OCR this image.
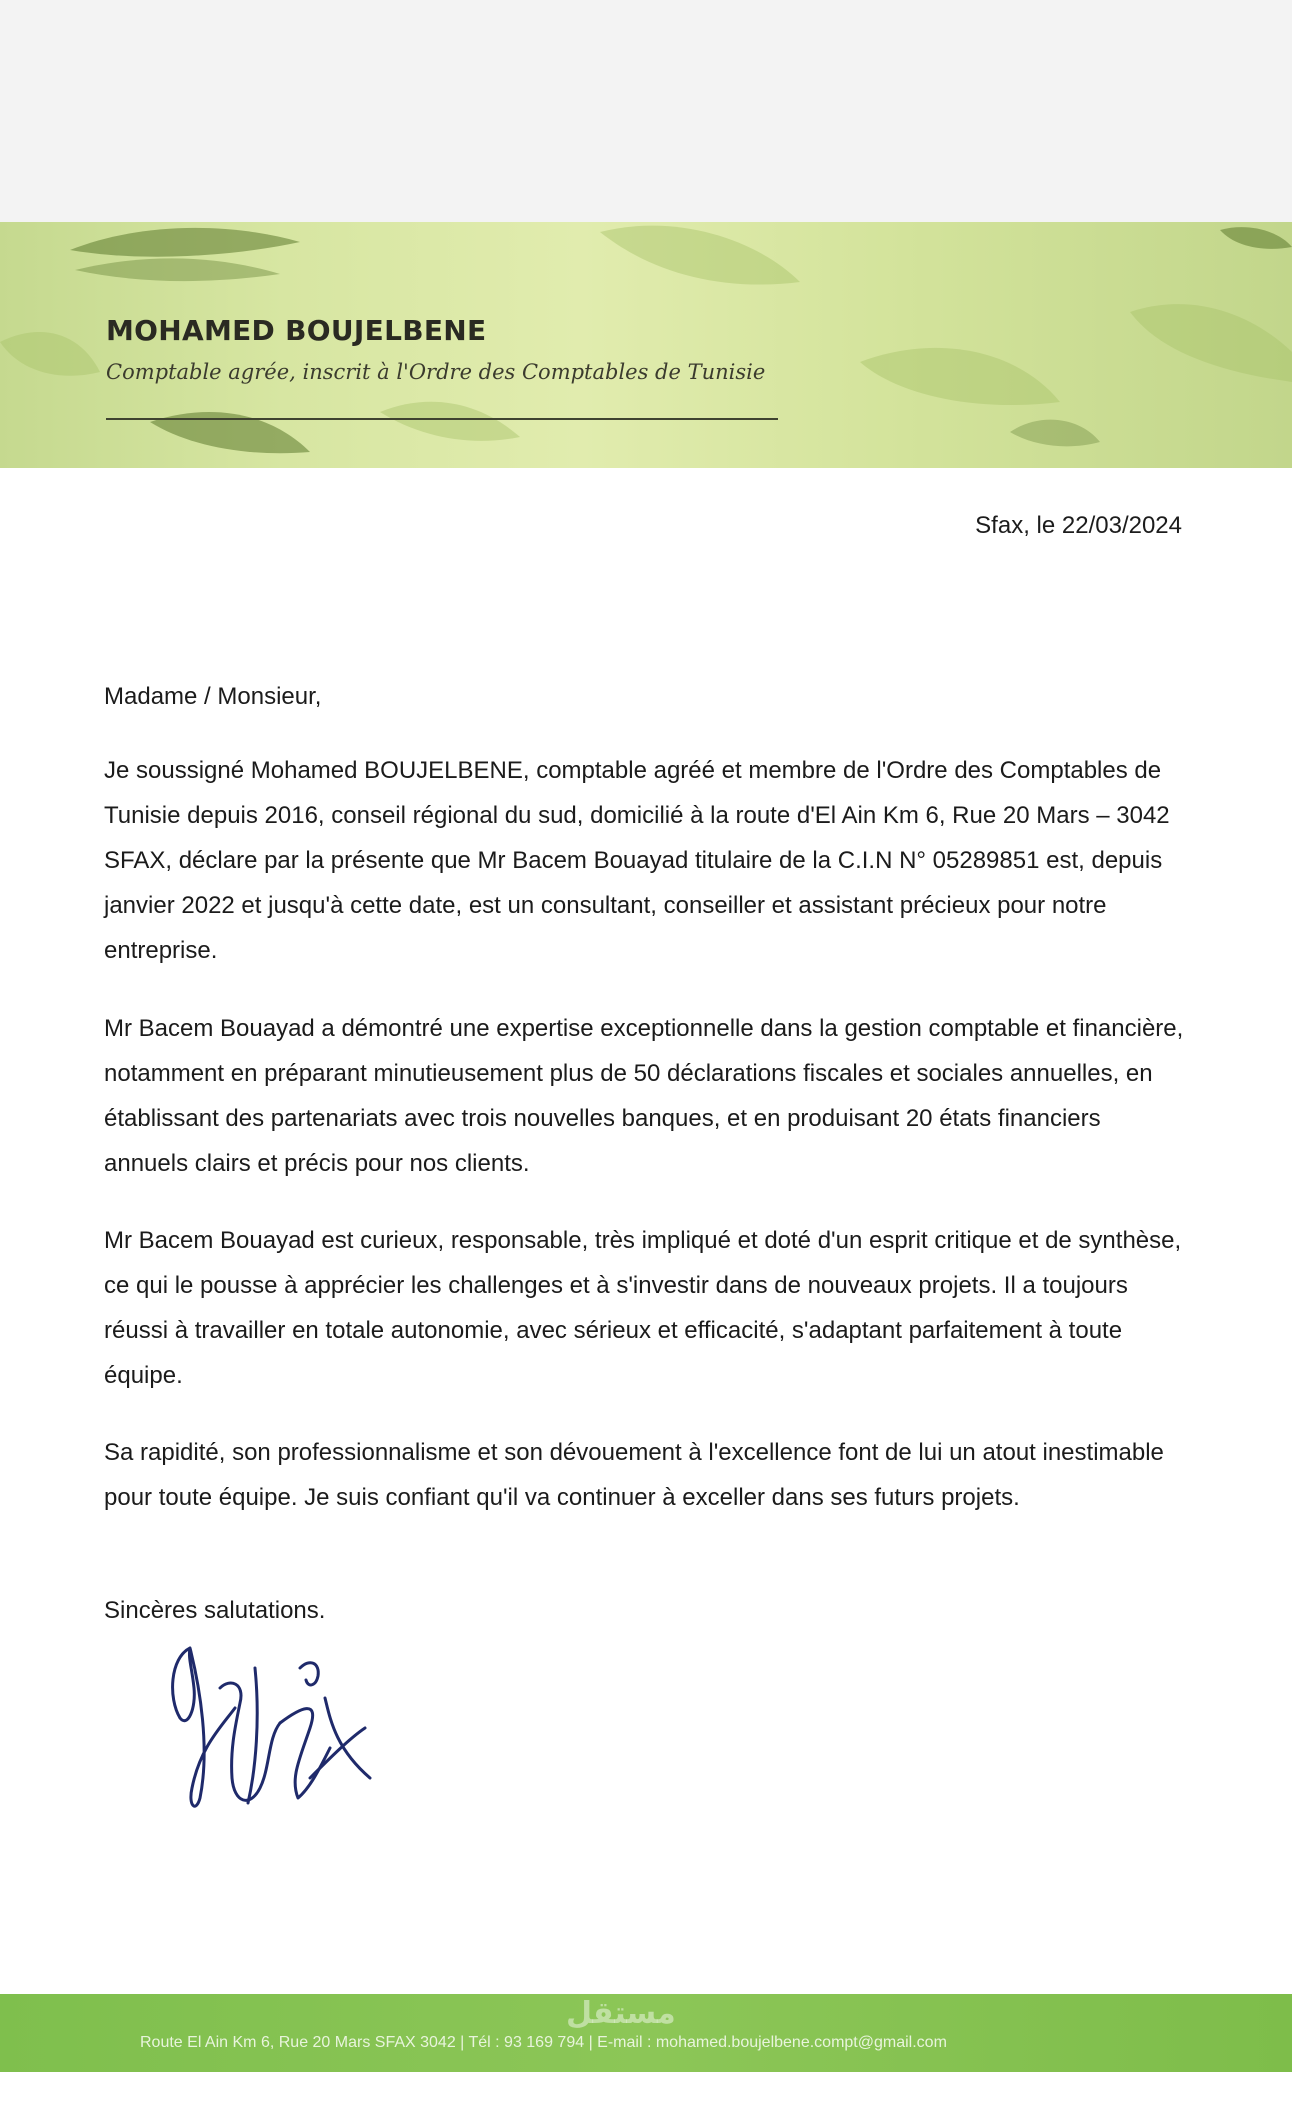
MOHAMED BOUJELBENE
Comptable agrée, inscrit à l'Ordre des Comptables de Tunisie
Sfax, le 22/03/2024

Madame / Monsieur,

Je soussigné Mohamed BOUJELBENE, comptable agréé et membre de l'Ordre des Comptables de Tunisie depuis 2016, conseil régional du sud, domicilié à la route d'El Ain Km 6, Rue 20 Mars – 3042 SFAX, déclare par la présente que Mr Bacem Bouayad titulaire de la C.I.N N° 05289851 est, depuis janvier 2022 et jusqu'à cette date, est un consultant, conseiller et assistant précieux pour notre entreprise.

Mr Bacem Bouayad a démontré une expertise exceptionnelle dans la gestion comptable et financière, notamment en préparant minutieusement plus de 50 déclarations fiscales et sociales annuelles, en établissant des partenariats avec trois nouvelles banques, et en produisant 20 états financiers annuels clairs et précis pour nos clients.

Mr Bacem Bouayad est curieux, responsable, très impliqué et doté d'un esprit critique et de synthèse, ce qui le pousse à apprécier les challenges et à s'investir dans de nouveaux projets. Il a toujours réussi à travailler en totale autonomie, avec sérieux et efficacité, s'adaptant parfaitement à toute équipe.

Sa rapidité, son professionnalisme et son dévouement à l'excellence font de lui un atout inestimable pour toute équipe. Je suis confiant qu'il va continuer à exceller dans ses futurs projets.

Sincères salutations.

مستقل
Route El Ain Km 6, Rue 20 Mars SFAX 3042 | Tél : 93 169 794 | E-mail : mohamed.boujelbene.compt@gmail.com
